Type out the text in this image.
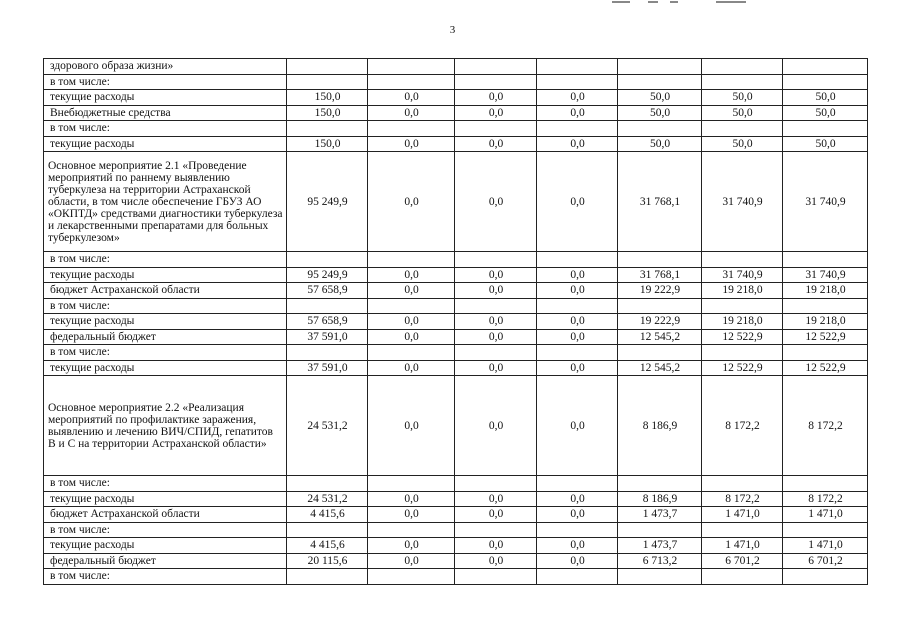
3
здорового образа жизни»							
в том числе:							
текущие расходы	150,0	0,0	0,0	0,0	50,0	50,0	50,0
Внебюджетные средства	150,0	0,0	0,0	0,0	50,0	50,0	50,0
в том числе:							
текущие расходы	150,0	0,0	0,0	0,0	50,0	50,0	50,0
Основное мероприятие 2.1 «Проведение мероприятий по раннему выявлению туберкулеза на территории Астраханской области, в том числе обеспечение ГБУЗ АО «ОКПТД» средствами диагностики туберкулеза и лекарственными препаратами для больных туберкулезом»	95 249,9	0,0	0,0	0,0	31 768,1	31 740,9	31 740,9
в том числе:							
текущие расходы	95 249,9	0,0	0,0	0,0	31 768,1	31 740,9	31 740,9
бюджет Астраханской области	57 658,9	0,0	0,0	0,0	19 222,9	19 218,0	19 218,0
в том числе:							
текущие расходы	57 658,9	0,0	0,0	0,0	19 222,9	19 218,0	19 218,0
федеральный бюджет	37 591,0	0,0	0,0	0,0	12 545,2	12 522,9	12 522,9
в том числе:							
текущие расходы	37 591,0	0,0	0,0	0,0	12 545,2	12 522,9	12 522,9
Основное мероприятие 2.2 «Реализация мероприятий по профилактике заражения, выявлению и лечению ВИЧ/СПИД, гепатитов В и С на территории Астраханской области»	24 531,2	0,0	0,0	0,0	8 186,9	8 172,2	8 172,2
в том числе:							
текущие расходы	24 531,2	0,0	0,0	0,0	8 186,9	8 172,2	8 172,2
бюджет Астраханской области	4 415,6	0,0	0,0	0,0	1 473,7	1 471,0	1 471,0
в том числе:							
текущие расходы	4 415,6	0,0	0,0	0,0	1 473,7	1 471,0	1 471,0
федеральный бюджет	20 115,6	0,0	0,0	0,0	6 713,2	6 701,2	6 701,2
в том числе:							
